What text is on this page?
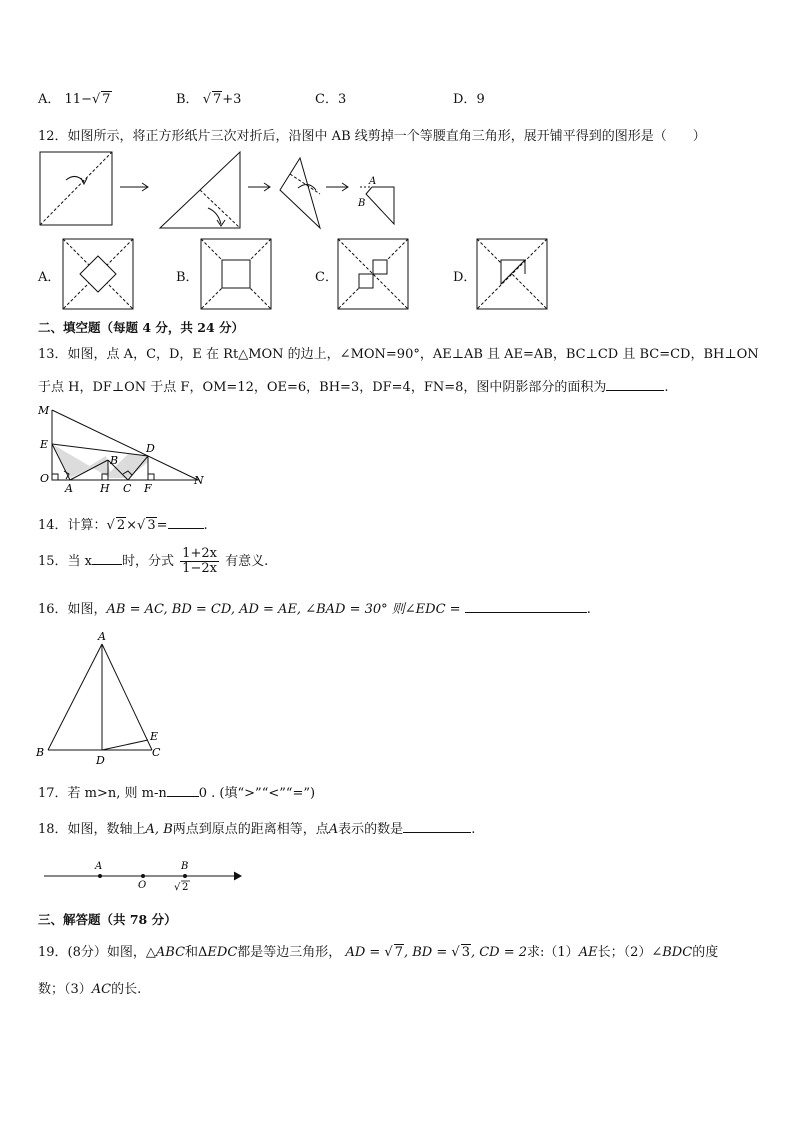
A． 11−√ 7	B． √ 7+3	C．3	D．9
12．如图所示，将正方形纸片三次对折后，沿图中 AB 线剪掉一个等腰直角三角形，展开铺平得到的图形是（　　）
A
B
A．	B．	C．	D．
二、填空题（每题 4 分，共 24 分）
13．如图，点 A，C，D，E 在 Rt△MON 的边上，∠MON=90°，AE⊥AB 且 AE=AB，BC⊥CD 且 BC=CD，BH⊥ON
于点 H，DF⊥ON 于点 F，OM=12，OE=6，BH=3，DF=4，FN=8，图中阴影部分的面积为	.
M
E	D
B
O
A H C F
N
14．计算：√ 2×√ 3=	.
15．当 x 时，分式 $\frac{1+2x}{1-2x}$ 有意义.
16．如图，AB = AC, BD = CD, AD = AE, ∠BAD = 30° 则∠EDC =	.
A
B
D
E
C
17．若 m>n, 则 m-n 0 . (填“>”“<”“=”)
18．如图，数轴上A, B两点到原点的距离相等，点A表示的数是	.
A
O
B
√ 2
三、解答题（共 78 分）
19．(8分）如图，△ABC和ΔEDC都是等边三角形， AD = √ 7, BD = √ 3, CD = 2求:（1）AE长；（2）∠BDC的度
数；（3）AC的长.
